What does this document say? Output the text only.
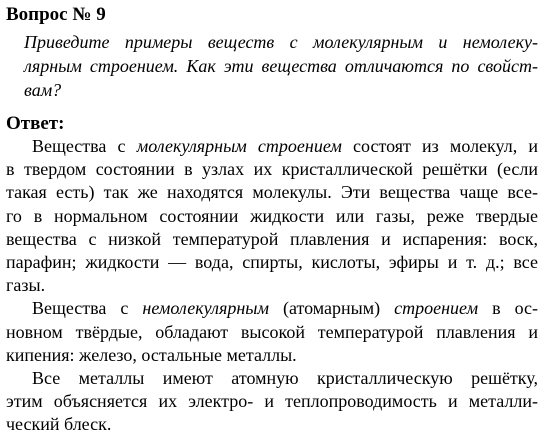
Вопрос № 9
Приведите примеры веществ с молекулярным и немолеку-
лярным строением. Как эти вещества отличаются по свойст-
вам?
Ответ:
Вещества с молекулярным строением состоят из молекул, и
в твердом состоянии в узлах их кристаллической решётки (если
такая есть) так же находятся молекулы. Эти вещества чаще все-
го в нормальном состоянии жидкости или газы, реже твердые
вещества с низкой температурой плавления и испарения: воск,
парафин; жидкости — вода, спирты, кислоты, эфиры и т. д.; все
газы.
Вещества с немолекулярным (атомарным) строением в ос-
новном твёрдые, обладают высокой температурой плавления и
кипения: железо, остальные металлы.
Все металлы имеют атомную кристаллическую решётку,
этим объясняется их электро- и теплопроводимость и металли-
ческий блеск.
